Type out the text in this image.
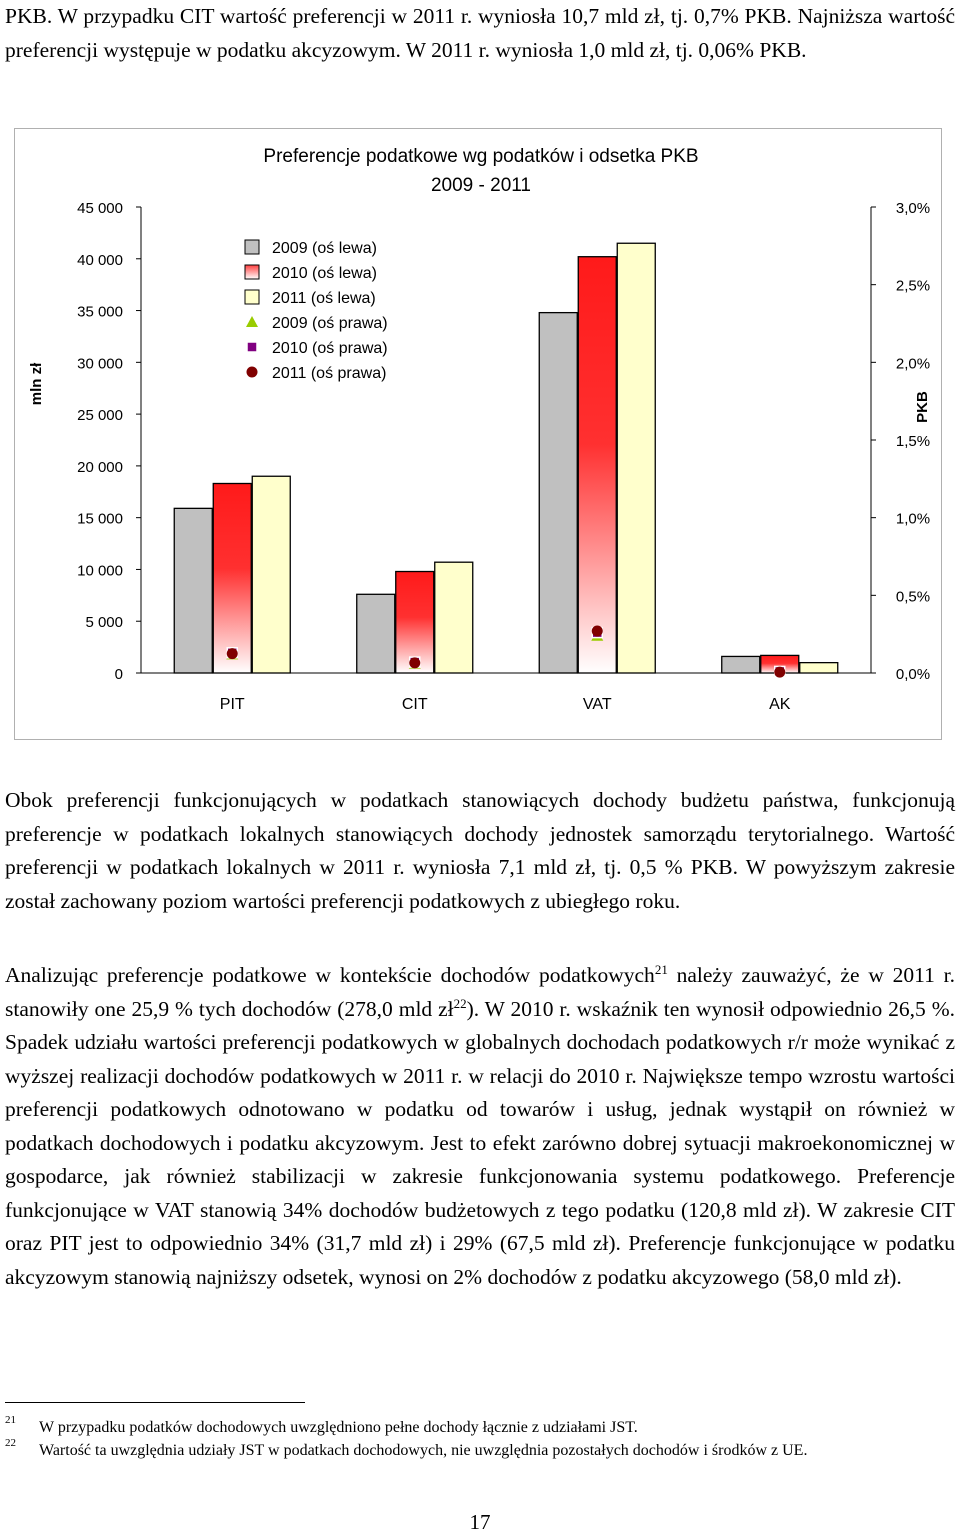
PKB. W przypadku CIT wartość preferencji w 2011 r. wyniosła 10,7 mld zł, tj. 0,7% PKB. Najniższa wartość preferencji występuje w podatku akcyzowym. W 2011 r. wyniosła 1,0 mld zł, tj. 0,06% PKB.

0
5 000
10 000
15 000
20 000
25 000
30 000
35 000
40 000
45 000
0,0%
0,5%
1,0%
1,5%
2,0%
2,5%
3,0%
mln zł
PKB
Preferencje podatkowe wg podatków i odsetka PKB
2009 - 2011
PIT	CIT	VAT	AK
2009 (oś lewa)
2010 (oś lewa)
2011 (oś lewa)
2009 (oś prawa)
2010 (oś prawa)
2011 (oś prawa)

Obok preferencji funkcjonujących w podatkach stanowiących dochody budżetu państwa, funkcjonują preferencje w podatkach lokalnych stanowiących dochody jednostek samorządu terytorialnego. Wartość preferencji w podatkach lokalnych w 2011 r. wyniosła 7,1 mld zł, tj. 0,5 % PKB. W powyższym zakresie został zachowany poziom wartości preferencji podatkowych z ubiegłego roku.

Analizując preferencje podatkowe w kontekście dochodów podatkowych$^{21}$ należy zauważyć, że w 2011 r. stanowiły one 25,9 % tych dochodów (278,0 mld $zł^{22}$). W 2010 r. wskaźnik ten wynosił odpowiednio 26,5 %. Spadek udziału wartości preferencji podatkowych w globalnych dochodach podatkowych r/r może wynikać z wyższej realizacji dochodów podatkowych w 2011 r. w relacji do 2010 r. Największe tempo wzrostu wartości preferencji podatkowych odnotowano w podatku od towarów i usług, jednak wystąpił on również w podatkach dochodowych i podatku akcyzowym. Jest to efekt zarówno dobrej sytuacji makroekonomicznej w gospodarce, jak również stabilizacji w zakresie funkcjonowania systemu podatkowego. Preferencje funkcjonujące w VAT stanowią 34% dochodów budżetowych z tego podatku (120,8 mld zł). W zakresie CIT oraz PIT jest to odpowiednio 34% (31,7 mld zł) i 29% (67,5 mld zł). Preferencje funkcjonujące w podatku akcyzowym stanowią najniższy odsetek, wynosi on 2% dochodów z podatku akcyzowego (58,0 mld zł).

21 W przypadku podatków dochodowych uwzględniono pełne dochody łącznie z udziałami JST.
22 Wartość ta uwzględnia udziały JST w podatkach dochodowych, nie uwzględnia pozostałych dochodów i środków z UE.
17
